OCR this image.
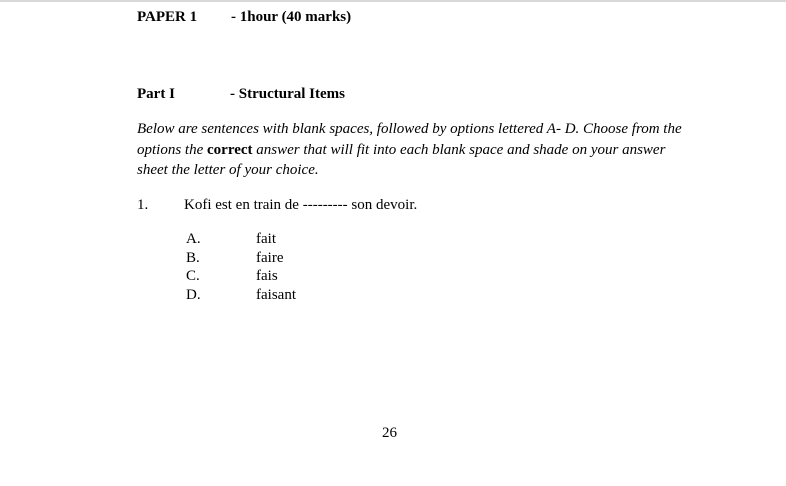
PAPER 1 - 1hour (40 marks)
Part I	- Structural Items
Below are sentences with blank spaces, followed by options lettered A- D. Choose from the options the correct answer that will fit into each blank space and shade on your answer sheet the letter of your choice.
1. Kofi est en train de --------- son devoir.
A.	fait
B.	faire
C.	fais
D.	faisant
26
